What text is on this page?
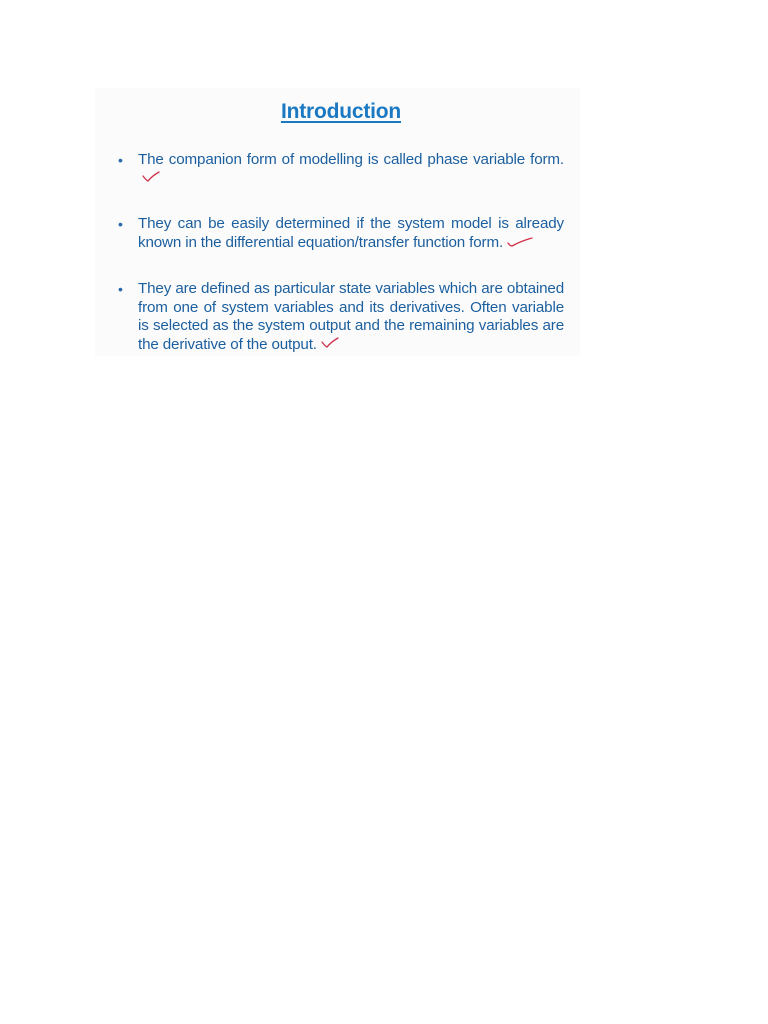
Introduction
• The companion form of modelling is called phase variable form.
• They can be easily determined if the system model is already known in the differential equation/transfer function form.
• They are defined as particular state variables which are obtained from one of system variables and its derivatives. Often variable is selected as the system output and the remaining variables are the derivative of the output.
